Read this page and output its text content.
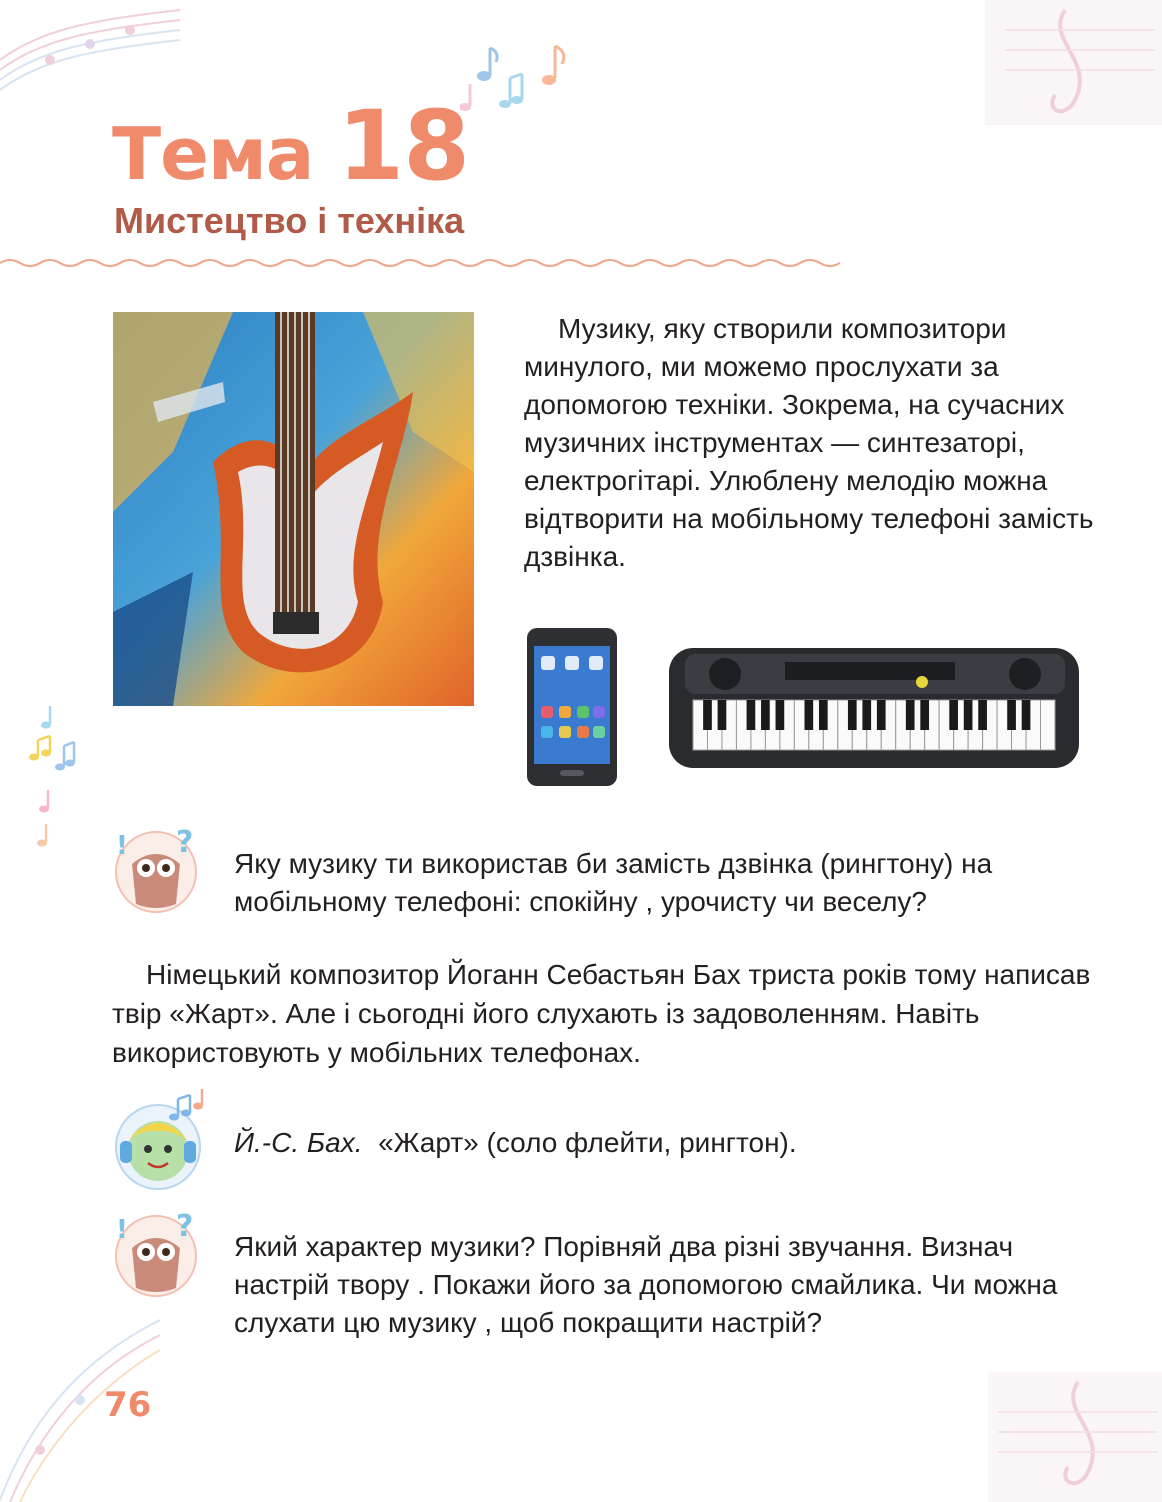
Тема 18
Мистецтво і техніка
Музику, яку створили композитори минулого, ми можемо прослухати за допомогою техніки. Зокрема, на сучасних музичних інструментах — синтезаторі, електрогітарі. Улюблену мелодію можна відтворити на мобільному телефоні замість дзвінка.
! ?
Яку музику ти використав би замість дзвінка (рингтону) на мобільному телефоні: спокійну , урочисту чи веселу?
Німецький композитор Йоганн Себастьян Бах триста років тому написав твір «Жарт». Але і сьогодні його слухають із задоволенням. Навіть використовують у мобільних телефонах.
Й.-С. Бах. «Жарт» (соло флейти, рингтон).
! ?
Який характер музики? Порівняй два різні звучання. Визнач настрій твору . Покажи його за допомогою смайлика. Чи можна слухати цю музику , щоб покращити настрій?
76
